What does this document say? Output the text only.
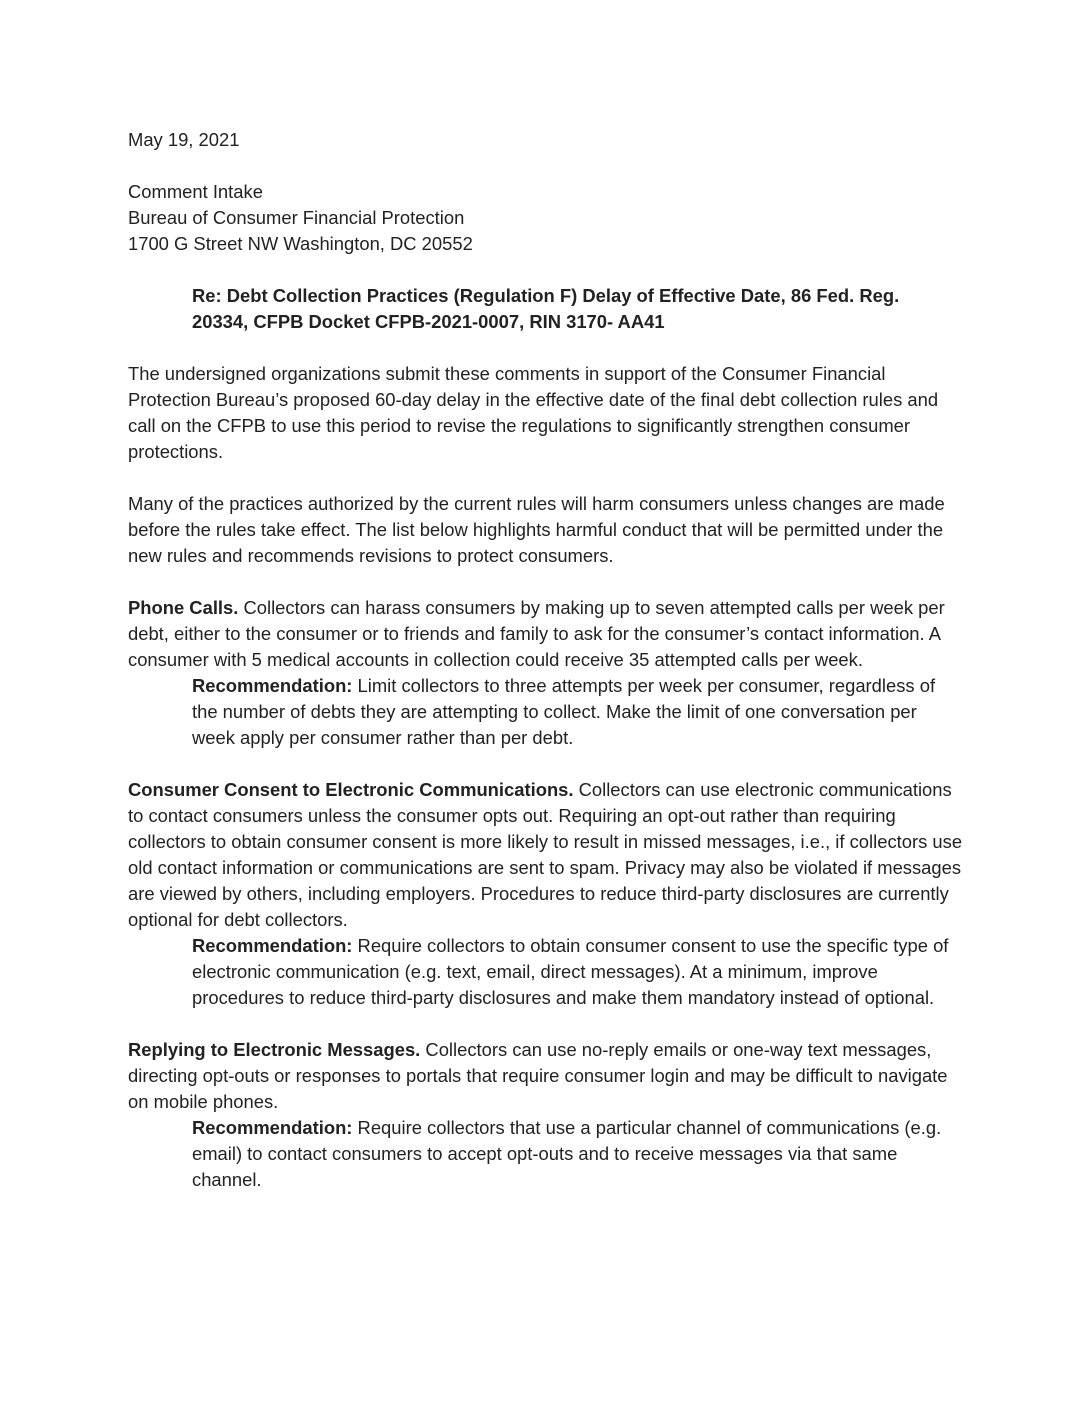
May 19, 2021

Comment Intake
Bureau of Consumer Financial Protection
1700 G Street NW Washington, DC 20552
Re: Debt Collection Practices (Regulation F) Delay of Effective Date, 86 Fed. Reg.
20334, CFPB Docket CFPB-2021-0007, RIN 3170- AA41

The undersigned organizations submit these comments in support of the Consumer Financial Protection Bureau’s proposed 60-day delay in the effective date of the final debt collection rules and call on the CFPB to use this period to revise the regulations to significantly strengthen consumer protections.

Many of the practices authorized by the current rules will harm consumers unless changes are made before the rules take effect. The list below highlights harmful conduct that will be permitted under the new rules and recommends revisions to protect consumers.

Phone Calls. Collectors can harass consumers by making up to seven attempted calls per week per debt, either to the consumer or to friends and family to ask for the consumer’s contact information. A consumer with 5 medical accounts in collection could receive 35 attempted calls per week.

Recommendation: Limit collectors to three attempts per week per consumer, regardless of the number of debts they are attempting to collect. Make the limit of one conversation per week apply per consumer rather than per debt.

Consumer Consent to Electronic Communications. Collectors can use electronic communications to contact consumers unless the consumer opts out. Requiring an opt-out rather than requiring collectors to obtain consumer consent is more likely to result in missed messages, i.e., if collectors use old contact information or communications are sent to spam. Privacy may also be violated if messages are viewed by others, including employers. Procedures to reduce third-party disclosures are currently optional for debt collectors.

Recommendation: Require collectors to obtain consumer consent to use the specific type of electronic communication (e.g. text, email, direct messages). At a minimum, improve procedures to reduce third-party disclosures and make them mandatory instead of optional.

Replying to Electronic Messages. Collectors can use no-reply emails or one-way text messages, directing opt-outs or responses to portals that require consumer login and may be difficult to navigate on mobile phones.

Recommendation: Require collectors that use a particular channel of communications (e.g. email) to contact consumers to accept opt-outs and to receive messages via that same channel.
